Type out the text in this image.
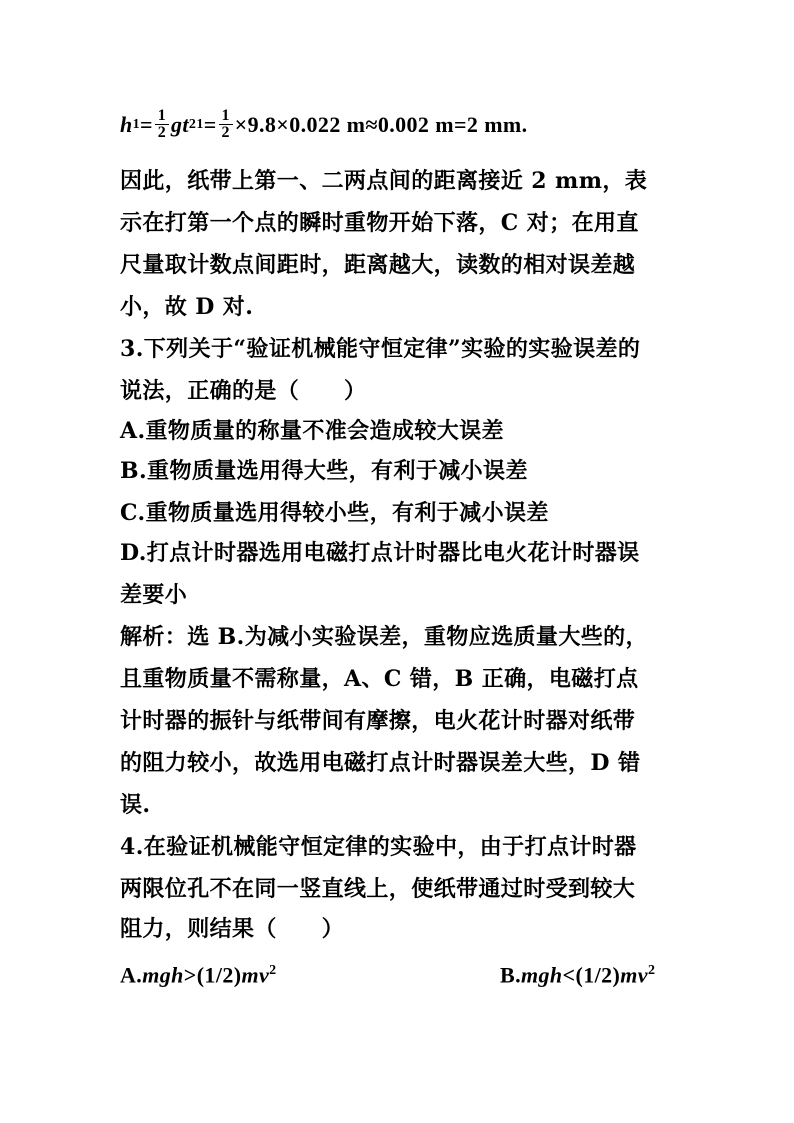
h $1 = \frac{1}{2}$ g t 2 $1 = \frac{1}{2} \times 9.8\times 0.022$ m≈0.002 m=2 mm.
因此，纸带上第一、二两点间的距离接近 2 mm，表
示在打第一个点的瞬时重物开始下落，C 对；在用直
尺量取计数点间距时，距离越大，读数的相对误差越
小，故 D 对.
3.下列关于“验证机械能守恒定律”实验的实验误差的
说法，正确的是（　　）
A.重物质量的称量不准会造成较大误差
B.重物质量选用得大些，有利于减小误差
C.重物质量选用得较小些，有利于减小误差
D.打点计时器选用电磁打点计时器比电火花计时器误
差要小
解析：选 B.为减小实验误差，重物应选质量大些的，
且重物质量不需称量，A、C 错，B 正确，电磁打点
计时器的振针与纸带间有摩擦，电火花计时器对纸带
的阻力较小，故选用电磁打点计时器误差大些，D 错
误.
4.在验证机械能守恒定律的实验中，由于打点计时器
两限位孔不在同一竖直线上，使纸带通过时受到较大
阻力，则结果（　　）
$A.mgh>(1/2)mv^2$	$B.mgh<(1/2)mv^2$
